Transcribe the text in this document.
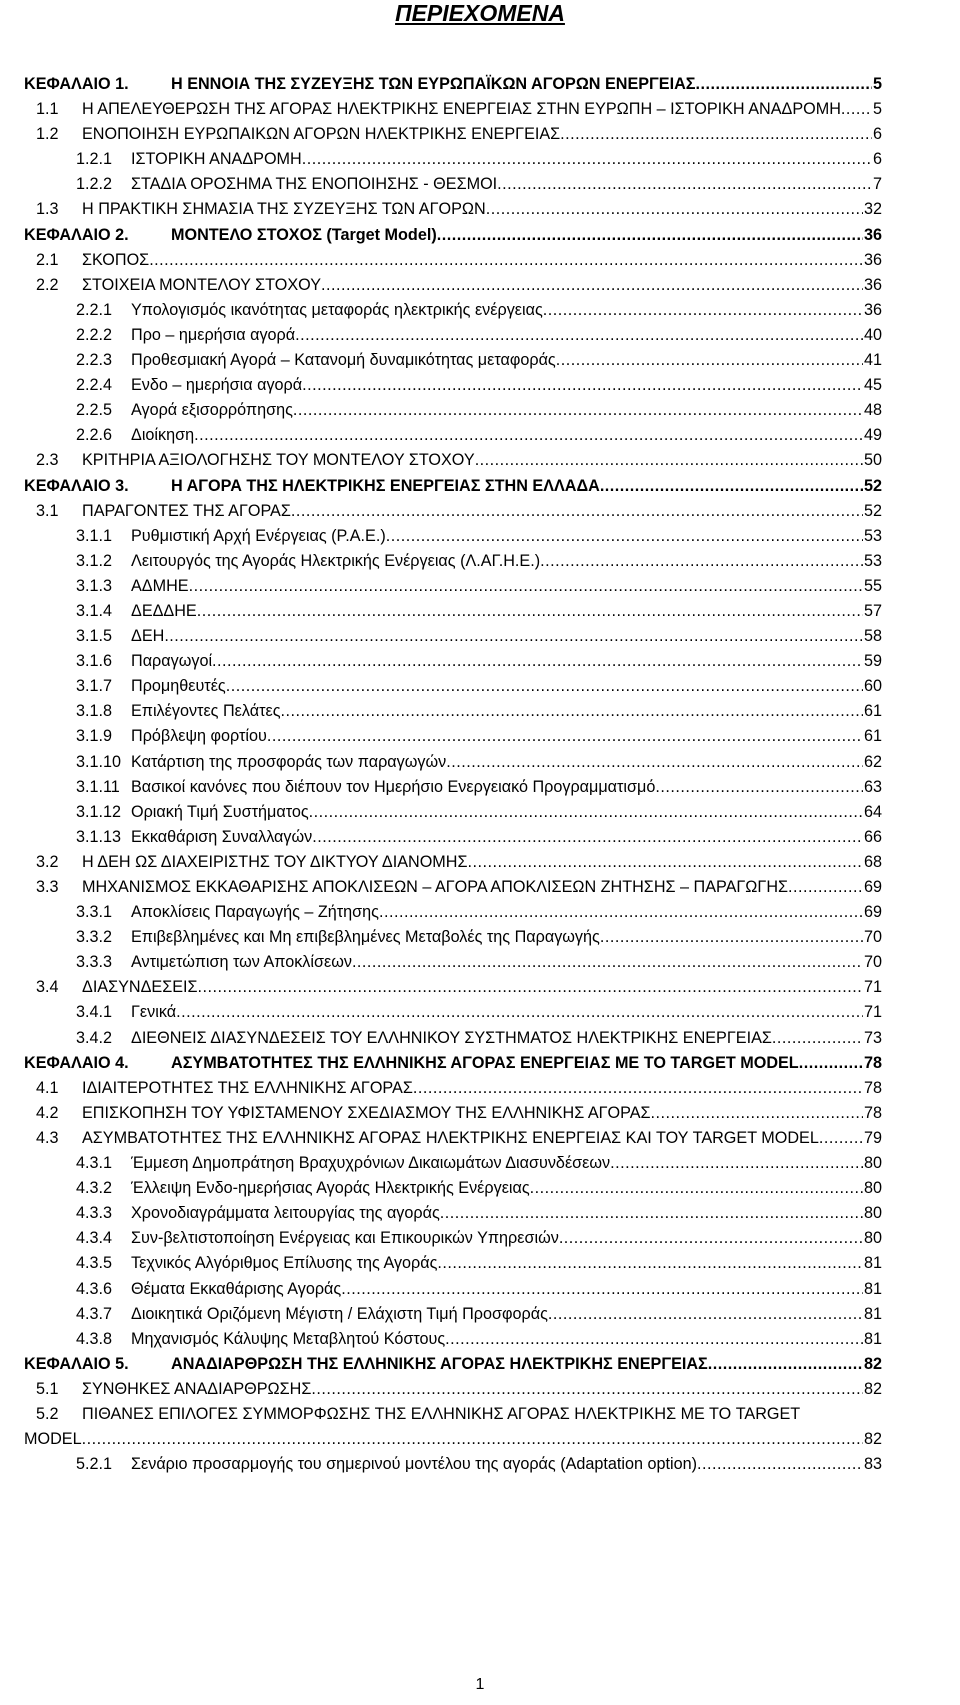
ΠΕΡΙΕΧΟΜΕΝΑ
ΚΕΦΑΛΑΙΟ 1.	Η ΕΝΝΟΙΑ ΤΗΣ ΣΥΖΕΥΞΗΣ ΤΩΝ ΕΥΡΩΠΑΪΚΩΝ ΑΓΟΡΩΝ ΕΝΕΡΓΕΙΑΣ .....	5
1.1 Η ΑΠΕΛΕΥΘΕΡΩΣΗ ΤΗΣ ΑΓΟΡΑΣ ΗΛΕΚΤΡΙΚΗΣ ΕΝΕΡΓΕΙΑΣ ΣΤΗΝ ΕΥΡΩΠΗ – ΙΣΤΟΡΙΚΗ ΑΝΑΔΡΟΜΗ ..... 5
1.2 ΕΝΟΠΟΙΗΣΗ ΕΥΡΩΠΑΙΚΩΝ ΑΓΟΡΩΝ ΗΛΕΚΤΡΙΚΗΣ ΕΝΕΡΓΕΙΑΣ .....	6
1.2.1 ΙΣΤΟΡΙΚΗ ΑΝΑΔΡΟΜΗ .....	6
1.2.2 ΣΤΑΔΙΑ ΟΡΟΣΗΜΑ ΤΗΣ ΕΝΟΠΟΙΗΣΗΣ - ΘΕΣΜΟΙ .....	7
1.3 Η ΠΡΑΚΤΙΚΗ ΣΗΜΑΣΙΑ ΤΗΣ ΣΥΖΕΥΞΗΣ ΤΩΝ ΑΓΟΡΩΝ .....	32
ΚΕΦΑΛΑΙΟ 2.	ΜΟΝΤΕΛΟ ΣΤΟΧΟΣ (Target Model) .....	36
2.1 ΣΚΟΠΟΣ .....	36
2.2 ΣΤΟΙΧΕΙΑ ΜΟΝΤΕΛΟΥ ΣΤΟΧΟΥ .....	36
2.2.1 Υπολογισμός ικανότητας μεταφοράς ηλεκτρικής ενέργειας .....	36
2.2.2 Προ – ημερήσια αγορά .....	40
2.2.3 Προθεσμιακή Αγορά – Κατανομή δυναμικότητας μεταφοράς .....	41
2.2.4 Ενδο – ημερήσια αγορά .....	45
2.2.5 Αγορά εξισορρόπησης .....	48
2.2.6 Διοίκηση .....	49
2.3 ΚΡΙΤΗΡΙΑ ΑΞΙΟΛΟΓΗΣΗΣ ΤΟΥ ΜΟΝΤΕΛΟΥ ΣΤΟΧΟΥ .....	50
ΚΕΦΑΛΑΙΟ 3.	Η ΑΓΟΡΑ ΤΗΣ ΗΛΕΚΤΡΙΚΗΣ ΕΝΕΡΓΕΙΑΣ ΣΤΗΝ ΕΛΛΑΔΑ .....	52
3.1 ΠΑΡΑΓΟΝΤΕΣ ΤΗΣ ΑΓΟΡΑΣ .....	52
3.1.1 Ρυθμιστική Αρχή Ενέργειας (Ρ.Α.Ε.) .....	53
3.1.2 Λειτουργός της Αγοράς Ηλεκτρικής Ενέργειας (Λ.ΑΓ.Η.Ε.) .....	53
3.1.3 ΑΔΜΗΕ .....	55
3.1.4 ΔΕΔΔΗΕ .....	57
3.1.5 ΔΕΗ .....	58
3.1.6 Παραγωγοί .....	59
3.1.7 Προμηθευτές .....	60
3.1.8 Επιλέγοντες Πελάτες .....	61
3.1.9 Πρόβλεψη φορτίου .....	61
3.1.10 Κατάρτιση της προσφοράς των παραγωγών .....	62
3.1.11 Βασικοί κανόνες που διέπουν τον Ημερήσιο Ενεργειακό Προγραμματισμό .....	63
3.1.12 Οριακή Τιμή Συστήματος .....	64
3.1.13 Εκκαθάριση Συναλλαγών .....	66
3.2 Η ΔΕΗ ΩΣ ΔΙΑΧΕΙΡΙΣΤΗΣ ΤΟΥ ΔΙΚΤΥΟΥ ΔΙΑΝΟΜΗΣ .....	68
3.3 ΜΗΧΑΝΙΣΜΟΣ ΕΚΚΑΘΑΡΙΣΗΣ ΑΠΟΚΛΙΣΕΩΝ – ΑΓΟΡΑ ΑΠΟΚΛΙΣΕΩΝ ΖΗΤΗΣΗΣ – ΠΑΡΑΓΩΓΗΣ .....	69
3.3.1 Αποκλίσεις Παραγωγής – Ζήτησης .....	69
3.3.2 Επιβεβλημένες και Μη επιβεβλημένες Μεταβολές της Παραγωγής .....	70
3.3.3 Αντιμετώπιση των Αποκλίσεων .....	70
3.4 ΔΙΑΣΥΝΔΕΣΕΙΣ .....	71
3.4.1 Γενικά .....	71
3.4.2 ΔΙΕΘΝΕΙΣ ΔΙΑΣΥΝΔΕΣΕΙΣ ΤΟΥ ΕΛΛΗΝΙΚΟΥ ΣΥΣΤΗΜΑΤΟΣ ΗΛΕΚΤΡΙΚΗΣ ΕΝΕΡΓΕΙΑΣ .....	73
ΚΕΦΑΛΑΙΟ 4.	ΑΣΥΜΒΑΤΟΤΗΤΕΣ ΤΗΣ ΕΛΛΗΝΙΚΗΣ ΑΓΟΡΑΣ ΕΝΕΡΓΕΙΑΣ ΜΕ ΤΟ TARGET MODEL .....	78
4.1 ΙΔΙΑΙΤΕΡΟΤΗΤΕΣ ΤΗΣ ΕΛΛΗΝΙΚΗΣ ΑΓΟΡΑΣ .....	78
4.2 ΕΠΙΣΚΟΠΗΣΗ ΤΟΥ ΥΦΙΣΤΑΜΕΝΟΥ ΣΧΕΔΙΑΣΜΟΥ ΤΗΣ ΕΛΛΗΝΙΚΗΣ ΑΓΟΡΑΣ .....	78
4.3 ΑΣΥΜΒΑΤΟΤΗΤΕΣ ΤΗΣ ΕΛΛΗΝΙΚΗΣ ΑΓΟΡΑΣ ΗΛΕΚΤΡΙΚΗΣ ΕΝΕΡΓΕΙΑΣ ΚΑΙ ΤΟΥ TARGET MODEL .....	79
4.3.1 Έμμεση Δημοπράτηση Βραχυχρόνιων Δικαιωμάτων Διασυνδέσεων .....	80
4.3.2 Έλλειψη Ενδο-ημερήσιας Αγοράς Ηλεκτρικής Ενέργειας .....	80
4.3.3 Χρονοδιαγράμματα λειτουργίας της αγοράς .....	80
4.3.4 Συν-βελτιστοποίηση Ενέργειας και Επικουρικών Υπηρεσιών .....	80
4.3.5 Τεχνικός Αλγόριθμος Επίλυσης της Αγοράς .....	81
4.3.6 Θέματα Εκκαθάρισης Αγοράς .....	81
4.3.7 Διοικητικά Οριζόμενη Μέγιστη / Ελάχιστη Τιμή Προσφοράς .....	81
4.3.8 Μηχανισμός Κάλυψης Μεταβλητού Κόστους .....	81
ΚΕΦΑΛΑΙΟ 5.	ΑΝΑΔΙΑΡΘΡΩΣΗ ΤΗΣ ΕΛΛΗΝΙΚΗΣ ΑΓΟΡΑΣ ΗΛΕΚΤΡΙΚΗΣ ΕΝΕΡΓΕΙΑΣ .....	82
5.1 ΣΥΝΘΗΚΕΣ ΑΝΑΔΙΑΡΘΡΩΣΗΣ .....	82
5.2 ΠΙΘΑΝΕΣ ΕΠΙΛΟΓΕΣ ΣΥΜΜΟΡΦΩΣΗΣ ΤΗΣ ΕΛΛΗΝΙΚΗΣ ΑΓΟΡΑΣ ΗΛΕΚΤΡΙΚΗΣ ΜΕ ΤΟ TARGET
MODEL .....	82
5.2.1 Σενάριο προσαρμογής του σημερινού μοντέλου της αγοράς (Adaptation option) .....	83
1
